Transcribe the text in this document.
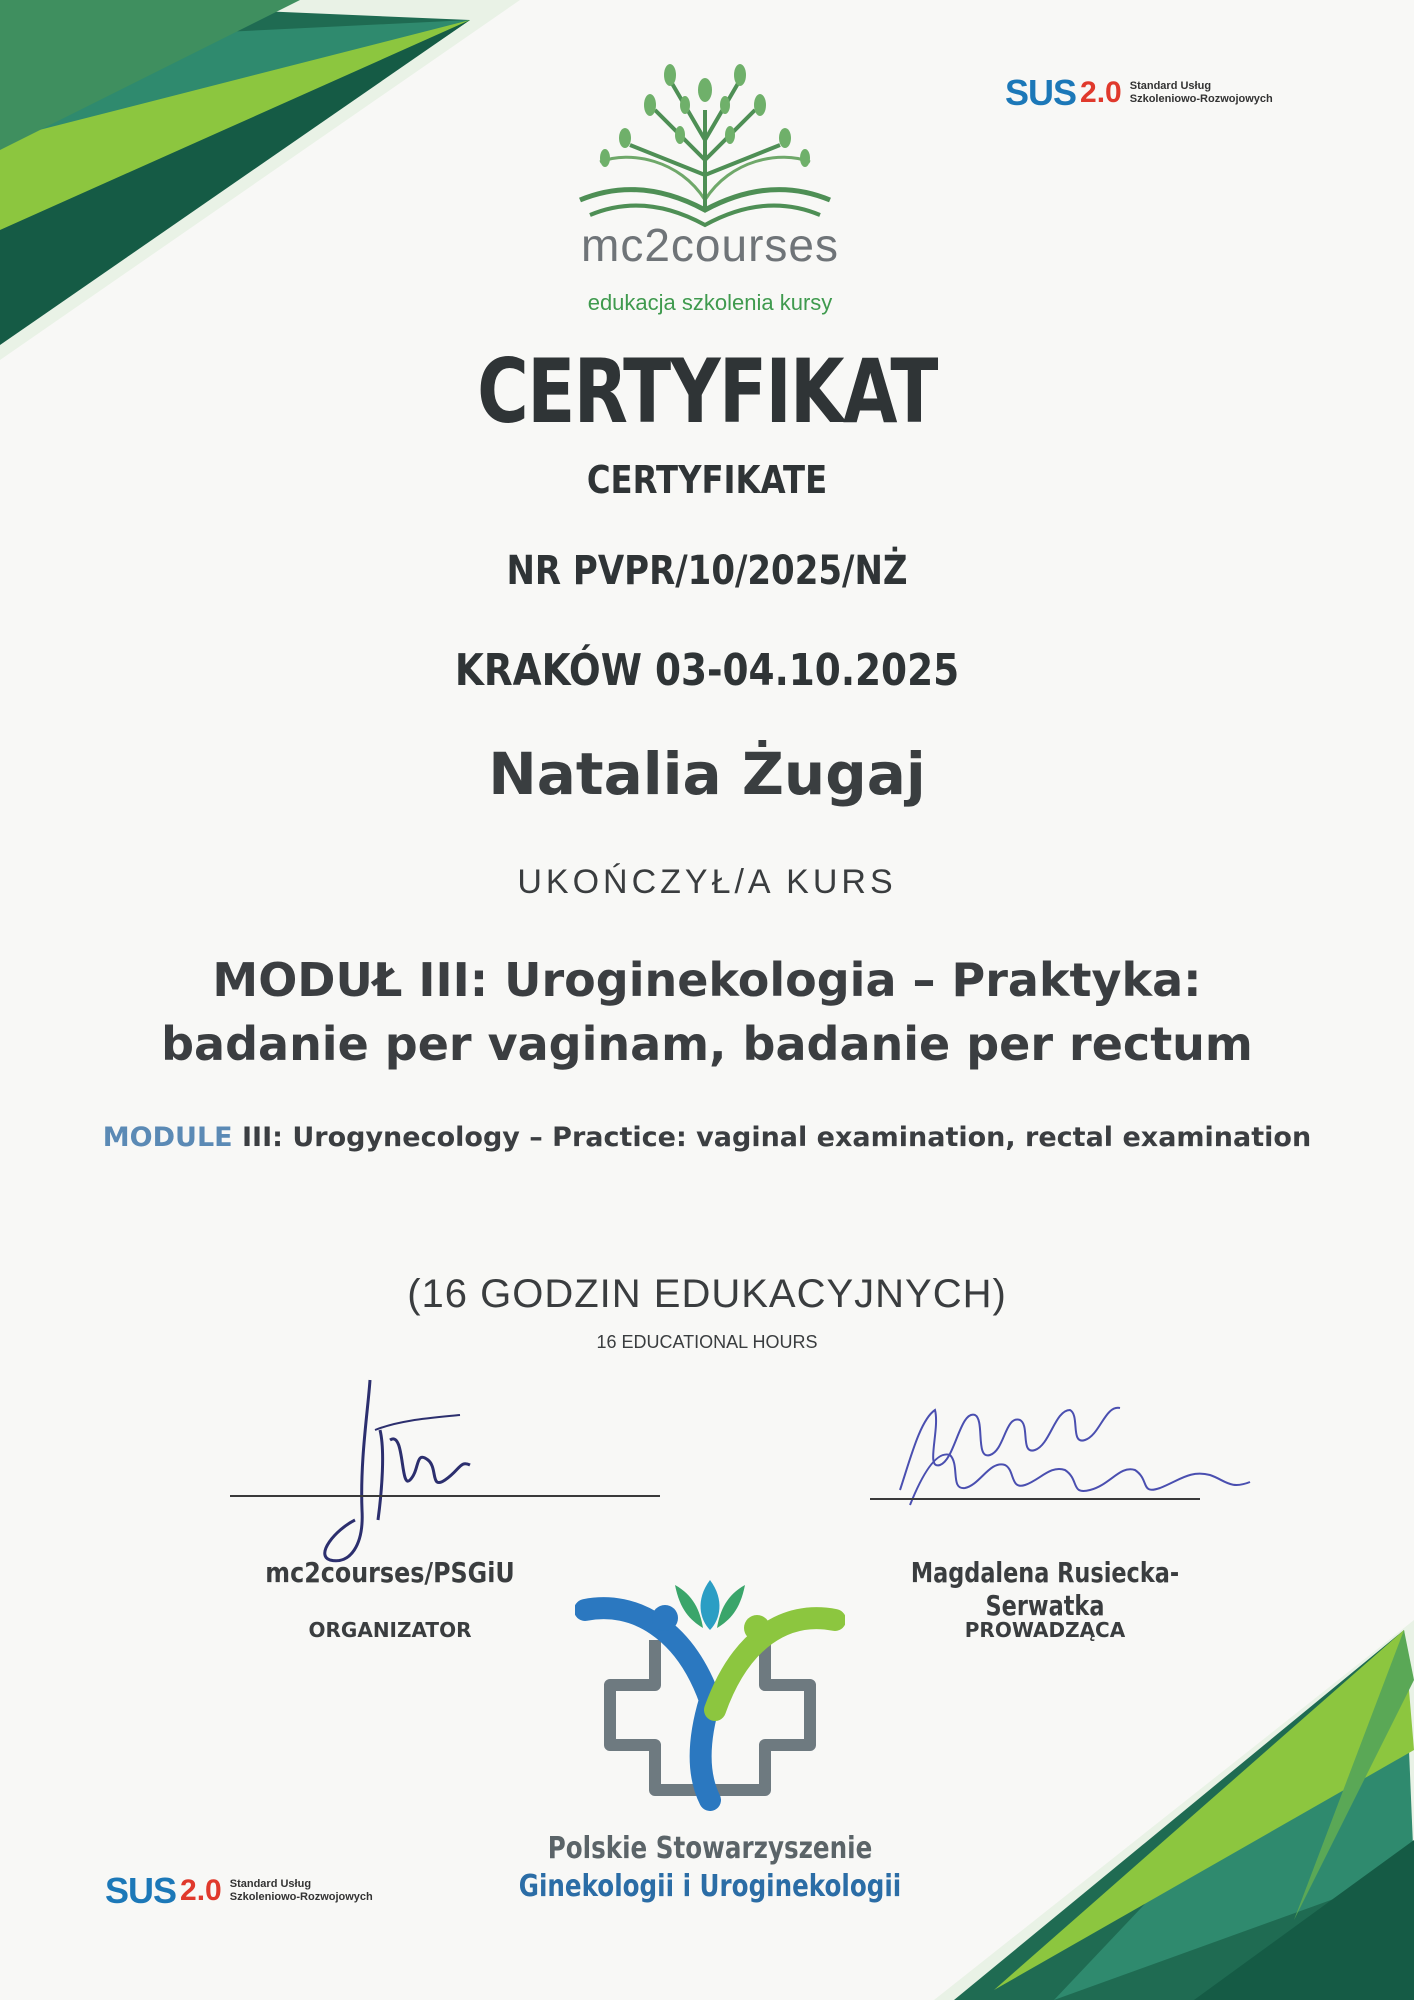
mc2courses
edukacja szkolenia kursy
SUS 2.0 Standard Usług
Szkoleniowo-Rozwojowych
CERTYFIKAT
CERTYFIKATE
NR PVPR/10/2025/NŻ
KRAKÓW 03-04.10.2025
Natalia Żugaj
UKOŃCZYŁ/A KURS
MODUŁ III: Uroginekologia – Praktyka:
badanie per vaginam, badanie per rectum
MODULE III: Urogynecology – Practice: vaginal examination, rectal examination
(16 GODZIN EDUKACYJNYCH)
16 EDUCATIONAL HOURS
mc2courses/PSGiU
ORGANIZATOR
Magdalena Rusiecka-Serwatka
PROWADZĄCA
Polskie Stowarzyszenie
Ginekologii i Uroginekologii
SUS 2.0 Standard Usług
Szkoleniowo-Rozwojowych
